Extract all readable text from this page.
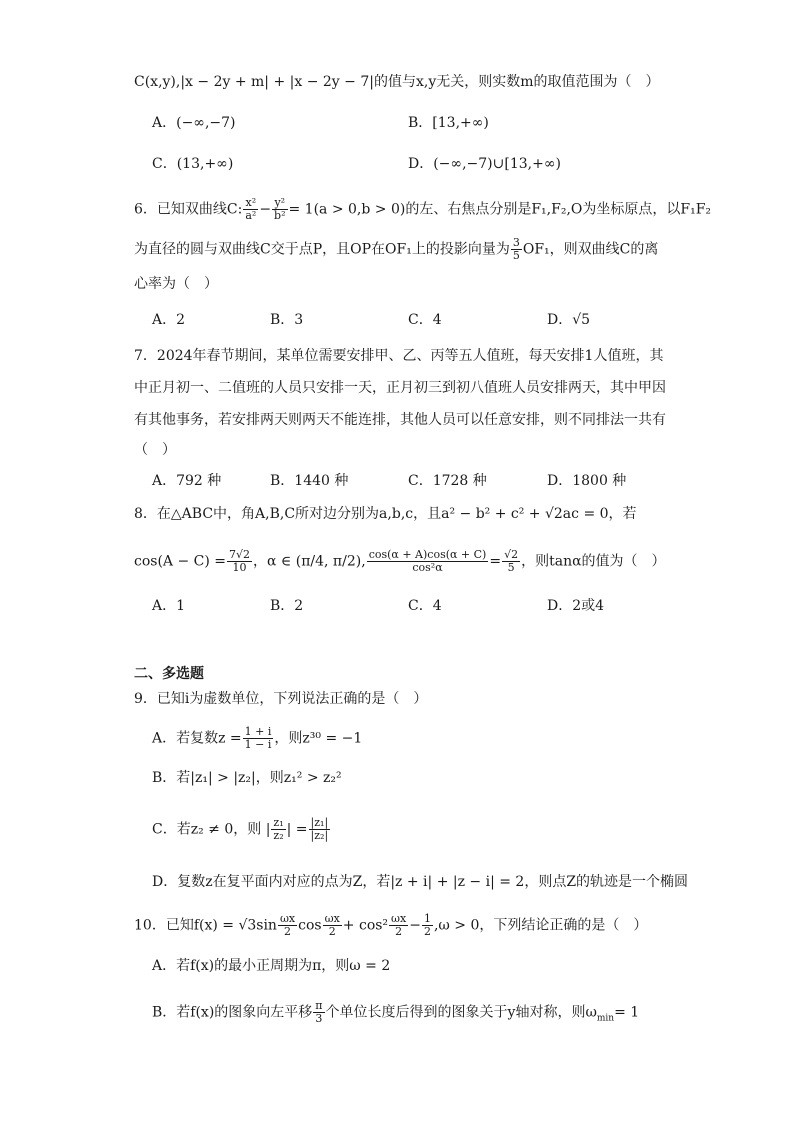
C(x,y),|x − 2y + m| + |x − 2y − 7|的值与x,y无关，则实数m的取值范围为（　）
A．(−∞,−7)	B．[13,+∞)
C．(13,+∞)	D．(−∞,−7)∪[13,+∞)
6．已知双曲线C: $\frac{\text{x²}}{\text{a²}} - \frac{\text{y²}}{\text{b²}} = 1(a > 0,b > 0)$的左、右焦点分别是F₁,F₂,O为坐标原点，以F₁F₂
为直径的圆与双曲线C交于点P，且OP在OF₁上的投影向量为 $\frac{3}{5} OF_1$，则双曲线C的离
心率为（　）
A．2	B．3	C．4	D．√5
7．2024年春节期间，某单位需要安排甲、乙、丙等五人值班，每天安排1人值班，其
中正月初一、二值班的人员只安排一天，正月初三到初八值班人员安排两天，其中甲因
有其他事务，若安排两天则两天不能连排，其他人员可以任意安排，则不同排法一共有
（　）
A．792 种	B．1440 种	C．1728 种	D．1800 种
8．在△ABC中，角A,B,C所对边分别为a,b,c，且a² − b² + c² + √2ac = 0，若
$\cos(A - C) = \frac{7√2}{10}$ ，α ∈ (π/4, π/2), $\frac{\cos(\alpha + A)\cos(\alpha + C)}{\text{cos²α}} = \frac{√2}{5}$ ，则tanα的值为（　）
A．1	B．2	C．4	D．2或4
二、多选题
9．已知i为虚数单位，下列说法正确的是（　）
A．若复数$z = \frac{1 + i}{1 - i}$ ，则z³⁰ = −1
B．若|z₁| > |z₂|，则z₁² > z₂²
C．若z₂ ≠ 0，则 | $\frac{\text{z₁}}{\text{z₂}}$ | = $\frac{\text{|z₁|}}{\text{|z₂|}}$
D．复数z在复平面内对应的点为Z，若|z + i| + |z − i| = 2，则点Z的轨迹是一个椭圆
10．已知$f(x) = √3\sin \frac{\omega x}{2}$ $\cos \frac{\omega x}{2} + \cos^2 \frac{\omega x}{2} - \frac{1}{2} ,\omega > 0$，下列结论正确的是（　）
A．若f(x)的最小正周期为π，则ω = 2
B．若f(x)的图象向左平移 $\frac{\pi}{3}$ 个单位长度后得到的图象关于y轴对称，则$\omega_{min}= 1$
